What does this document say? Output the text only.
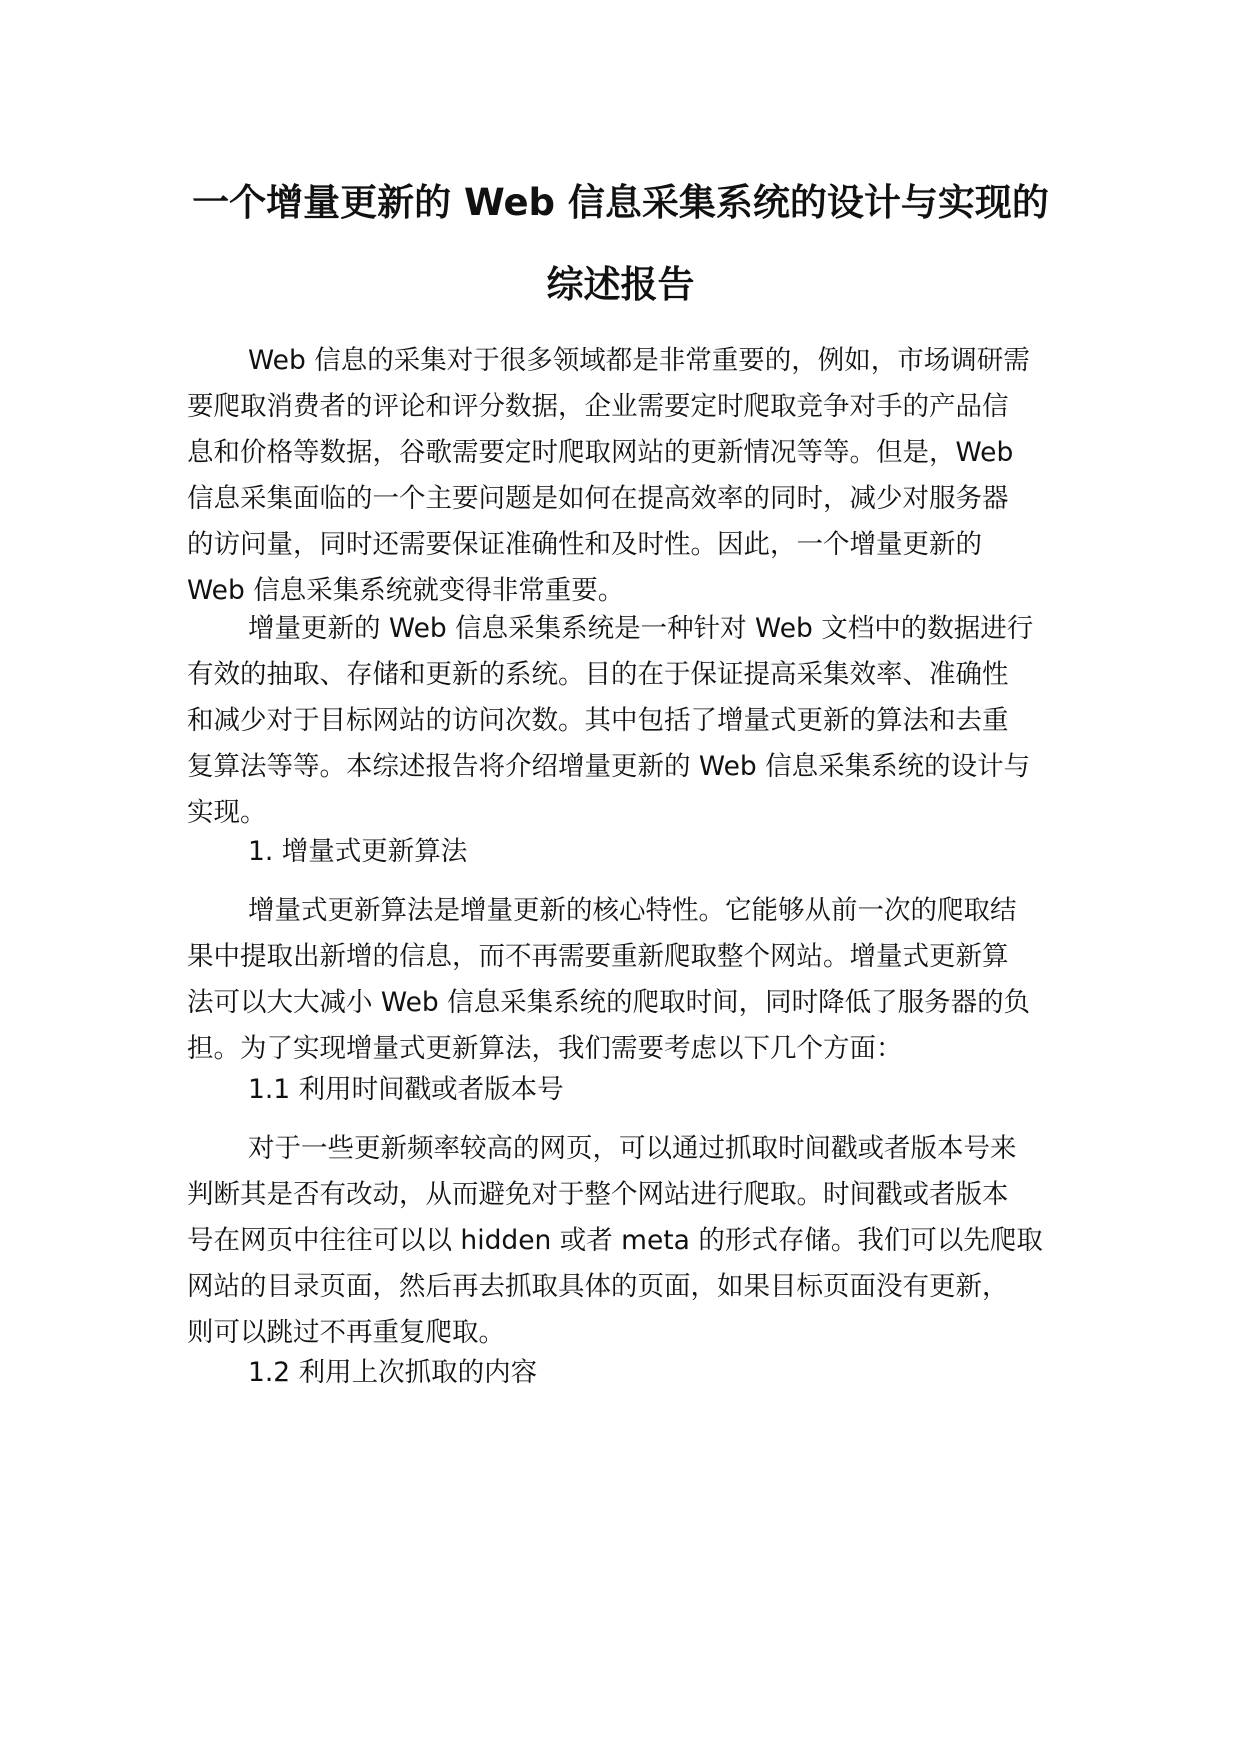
一个增量更新的 Web 信息采集系统的设计与实现的
综述报告
Web 信息的采集对于很多领域都是非常重要的，例如，市场调研需
要爬取消费者的评论和评分数据，企业需要定时爬取竞争对手的产品信
息和价格等数据，谷歌需要定时爬取网站的更新情况等等。但是，Web
信息采集面临的一个主要问题是如何在提高效率的同时，减少对服务器
的访问量，同时还需要保证准确性和及时性。因此，一个增量更新的
Web 信息采集系统就变得非常重要。
增量更新的 Web 信息采集系统是一种针对 Web 文档中的数据进行
有效的抽取、存储和更新的系统。目的在于保证提高采集效率、准确性
和减少对于目标网站的访问次数。其中包括了增量式更新的算法和去重
复算法等等。本综述报告将介绍增量更新的 Web 信息采集系统的设计与
实现。
1. 增量式更新算法
增量式更新算法是增量更新的核心特性。它能够从前一次的爬取结
果中提取出新增的信息，而不再需要重新爬取整个网站。增量式更新算
法可以大大减小 Web 信息采集系统的爬取时间，同时降低了服务器的负
担。为了实现增量式更新算法，我们需要考虑以下几个方面：
1.1 利用时间戳或者版本号
对于一些更新频率较高的网页，可以通过抓取时间戳或者版本号来
判断其是否有改动，从而避免对于整个网站进行爬取。时间戳或者版本
号在网页中往往可以以 hidden 或者 meta 的形式存储。我们可以先爬取
网站的目录页面，然后再去抓取具体的页面，如果目标页面没有更新，
则可以跳过不再重复爬取。
1.2 利用上次抓取的内容
